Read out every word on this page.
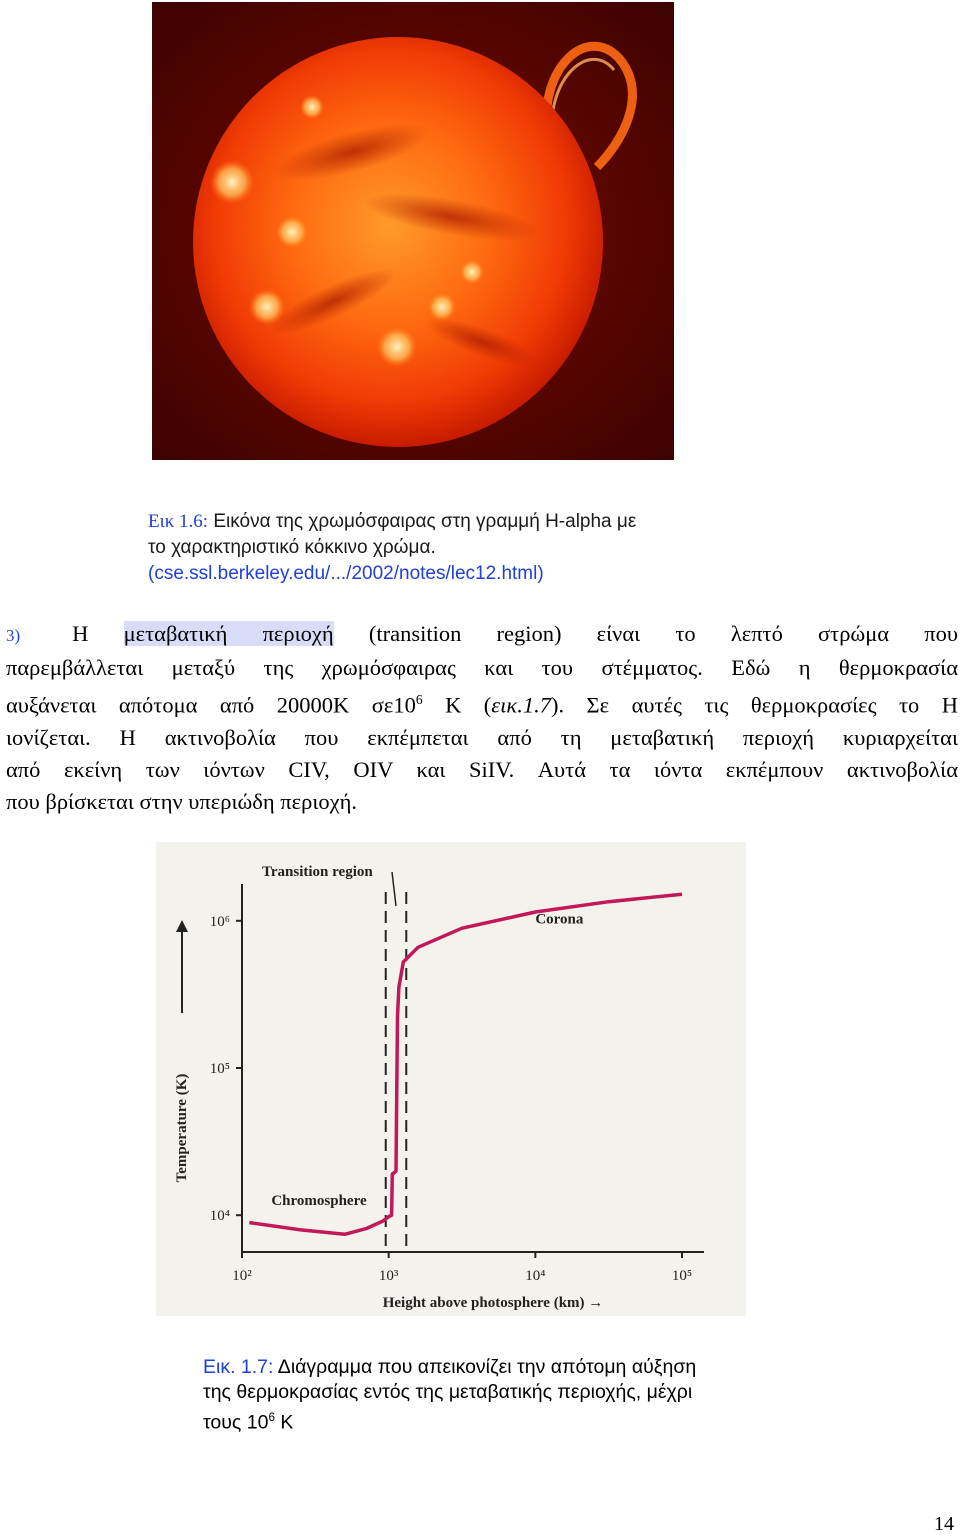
Εικ 1.6: Εικόνα της χρωμόσφαιρας στη γραμμή H-alpha με
το χαρακτηριστικό κόκκινο χρώμα.
(cse.ssl.berkeley.edu/.../2002/notes/lec12.html)
3) Η μεταβατική περιοχή (transition region) είναι το λεπτό στρώμα που
παρεμβάλλεται μεταξύ της χρωμόσφαιρας και του στέμματος. Εδώ η θερμοκρασία
αυξάνεται απότομα από 20000K $\sigma\varepsilon 10^6$ K (εικ.1.7). Σε αυτές τις θερμοκρασίες το Η
ιονίζεται. Η ακτινοβολία που εκπέμπεται από τη μεταβατική περιοχή κυριαρχείται
από εκείνη των ιόντων CIV, OIV και SiIV. Αυτά τα ιόντα εκπέμπουν ακτινοβολία
που βρίσκεται στην υπεριώδη περιοχή.
10⁴
10⁵
10⁶
10²	10³	10⁴	10⁵
Height above photosphere (km) →
Temperature (K)
Transition region
Corona
Chromosphere
Εικ. 1.7: Διάγραμμα που απεικονίζει την απότομη αύξηση
της θερμοκρασίας εντός της μεταβατικής περιοχής, μέχρι
τους $10^6$ K
14
